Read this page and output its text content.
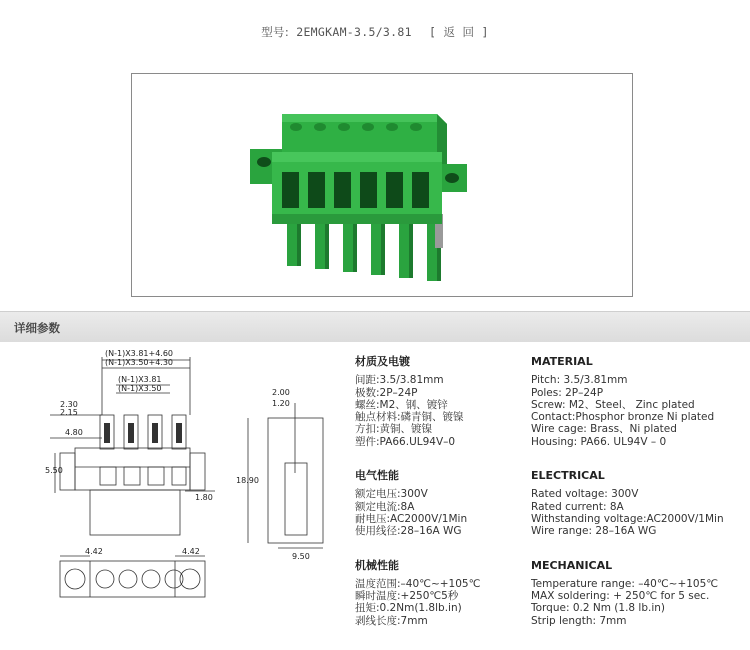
型号: 2EMGKAM-3.5/3.81 [ 返 回 ]
详细参数
(N-1)X3.81+4.60
(N-1)X3.50+4.30
(N-1)X3.81
(N-1)X3.50
2.30
2.15
4.80
5.50
1.80
4.42	4.42
2.00
1.20
18.90
9.50
材质及电镀
间距:3.5/3.81mm
极数:2P–24P
螺丝:M2、钢、镀锌
触点材料:磷青铜、镀镍
方扣:黄铜、镀镍
塑件:PA66.UL94V–0
电气性能
额定电压:300V
额定电流:8A
耐电压:AC2000V/1Min
使用线径:28–16A WG
机械性能
温度范围:–40℃~+105℃
瞬时温度:+250℃5秒
扭矩:0.2Nm(1.8lb.in)
剥线长度:7mm
MATERIAL
Pitch: 3.5/3.81mm
Poles: 2P–24P
Screw: M2、Steel、 Zinc plated
Contact:Phosphor bronze Ni plated
Wire cage: Brass、Ni plated
Housing: PA66. UL94V – 0
ELECTRICAL
Rated voltage: 300V
Rated current: 8A
Withstanding voltage:AC2000V/1Min
Wire range: 28–16A WG
MECHANICAL
Temperature range: –40℃~+105℃
MAX soldering: + 250℃ for 5 sec.
Torque: 0.2 Nm (1.8 lb.in)
Strip length: 7mm
